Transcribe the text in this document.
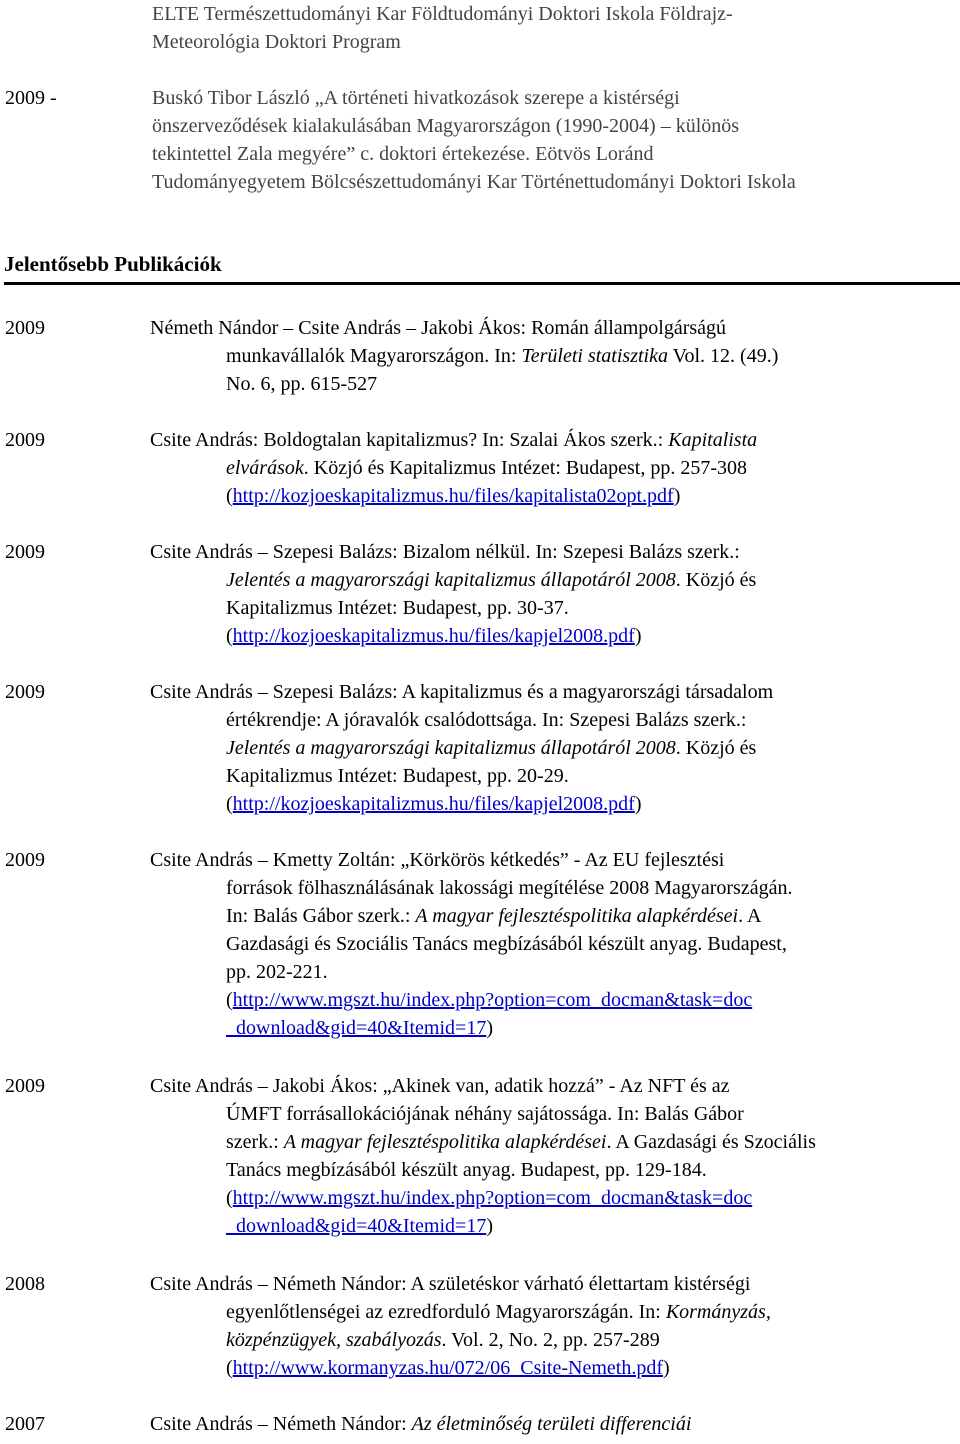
ELTE Természettudományi Kar Földtudományi Doktori Iskola Földrajz-
Meteorológia Doktori Program
2009 -	Buskó Tibor László „A történeti hivatkozások szerepe a kistérségi
önszerveződések kialakulásában Magyarországon (1990-2004) – különös
tekintettel Zala megyére” c. doktori értekezése. Eötvös Loránd
Tudományegyetem Bölcsészettudományi Kar Történettudományi Doktori Iskola
Jelentősebb Publikációk
2009	Németh Nándor – Csite András – Jakobi Ákos: Román állampolgárságú
munkavállalók Magyarországon. In: Területi statisztika Vol. 12. (49.)
No. 6, pp. 615-527
2009	Csite András: Boldogtalan kapitalizmus? In: Szalai Ákos szerk.: Kapitalista
elvárások. Közjó és Kapitalizmus Intézet: Budapest, pp. 257-308
(http://kozjoeskapitalizmus.hu/files/kapitalista02opt.pdf)
2009	Csite András – Szepesi Balázs: Bizalom nélkül. In: Szepesi Balázs szerk.:
Jelentés a magyarországi kapitalizmus állapotáról 2008. Közjó és
Kapitalizmus Intézet: Budapest, pp. 30-37.
(http://kozjoeskapitalizmus.hu/files/kapjel2008.pdf)
2009	Csite András – Szepesi Balázs: A kapitalizmus és a magyarországi társadalom
értékrendje: A jóravalók csalódottsága. In: Szepesi Balázs szerk.:
Jelentés a magyarországi kapitalizmus állapotáról 2008. Közjó és
Kapitalizmus Intézet: Budapest, pp. 20-29.
(http://kozjoeskapitalizmus.hu/files/kapjel2008.pdf)
2009	Csite András – Kmetty Zoltán: „Körkörös kétkedés” - Az EU fejlesztési
források fölhasználásának lakossági megítélése 2008 Magyarországán.
In: Balás Gábor szerk.: A magyar fejlesztéspolitika alapkérdései. A
Gazdasági és Szociális Tanács megbízásából készült anyag. Budapest,
pp. 202-221.
(http://www.mgszt.hu/index.php?option=com_docman&task=doc
_download&gid=40&Itemid=17)
2009	Csite András – Jakobi Ákos: „Akinek van, adatik hozzá” - Az NFT és az
ÚMFT forrásallokációjának néhány sajátossága. In: Balás Gábor
szerk.: A magyar fejlesztéspolitika alapkérdései. A Gazdasági és Szociális
Tanács megbízásából készült anyag. Budapest, pp. 129-184.
(http://www.mgszt.hu/index.php?option=com_docman&task=doc
_download&gid=40&Itemid=17)
2008	Csite András – Németh Nándor: A születéskor várható élettartam kistérségi
egyenlőtlenségei az ezredforduló Magyarországán. In: Kormányzás,
közpénzügyek, szabályozás. Vol. 2, No. 2, pp. 257-289
(http://www.kormanyzas.hu/072/06_Csite-Nemeth.pdf)
2007	Csite András – Németh Nándor: Az életminőség területi differenciái
